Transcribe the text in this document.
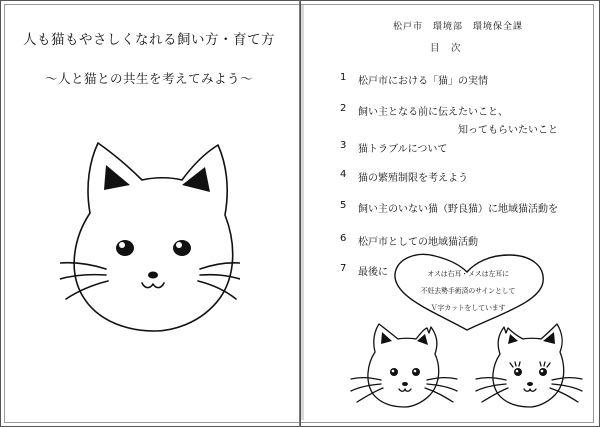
人も猫もやさしくなれる飼い方・育て方
～人と猫との共生を考えてみよう～
松戸市　環境部　環境保全課
目　次
1 松戸市における「猫」の実情
2 飼い主となる前に伝えたいこと、
知ってもらいたいこと
3 猫トラブルについて
4 猫の繁殖制限を考えよう
5 飼い主のいない猫（野良猫）に地域猫活動を
6 松戸市としての地域猫活動
7 最後に	オスは右耳・メスは左耳に
不妊去勢手術済のサインとして
Ｖ字カットをしています
